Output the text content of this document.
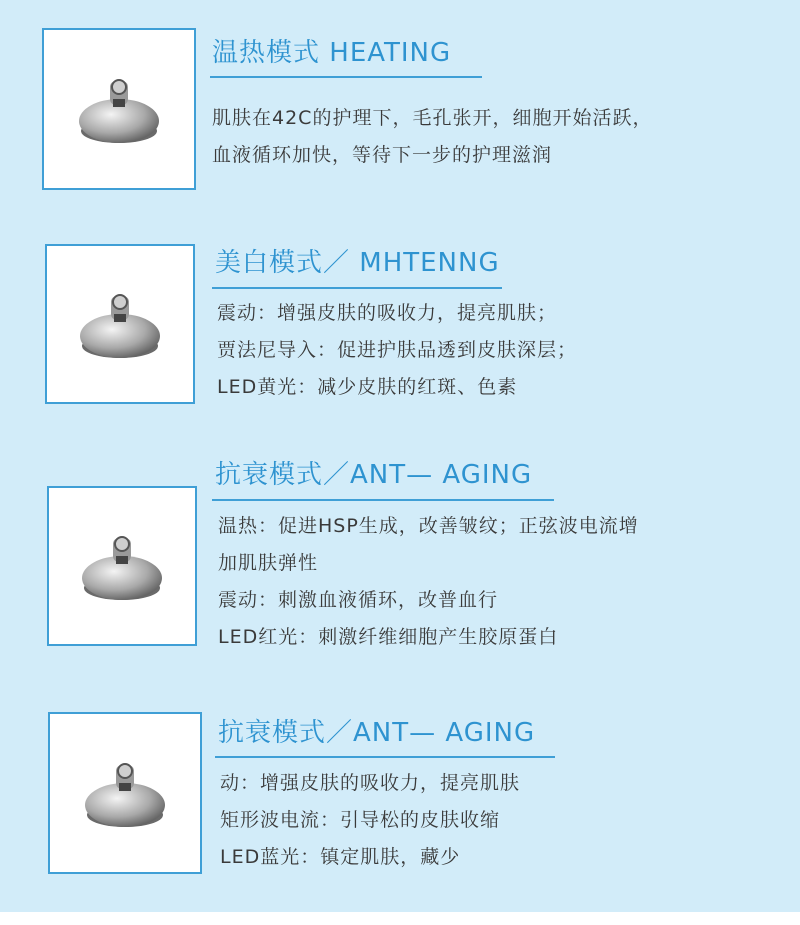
温热模式 HEATING
肌肤在42C的护理下，毛孔张开，细胞开始活跃，
血液循环加快，等待下一步的护理滋润
美白模式／ MHTENNG
震动：增强皮肤的吸收力，提亮肌肤；
贾法尼导入：促进护肤品透到皮肤深层；
LED黄光：减少皮肤的红斑、色素
抗衰模式／ANT— AGING
温热：促进HSP生成，改善皱纹；正弦波电流增
加肌肤弹性
震动：刺激血液循环，改普血行
LED红光：刺激纤维细胞产生胶原蛋白
抗衰模式／ANT— AGING
动：增强皮肤的吸收力，提亮肌肤
矩形波电流：引导松的皮肤收缩
LED蓝光：镇定肌肤，藏少
